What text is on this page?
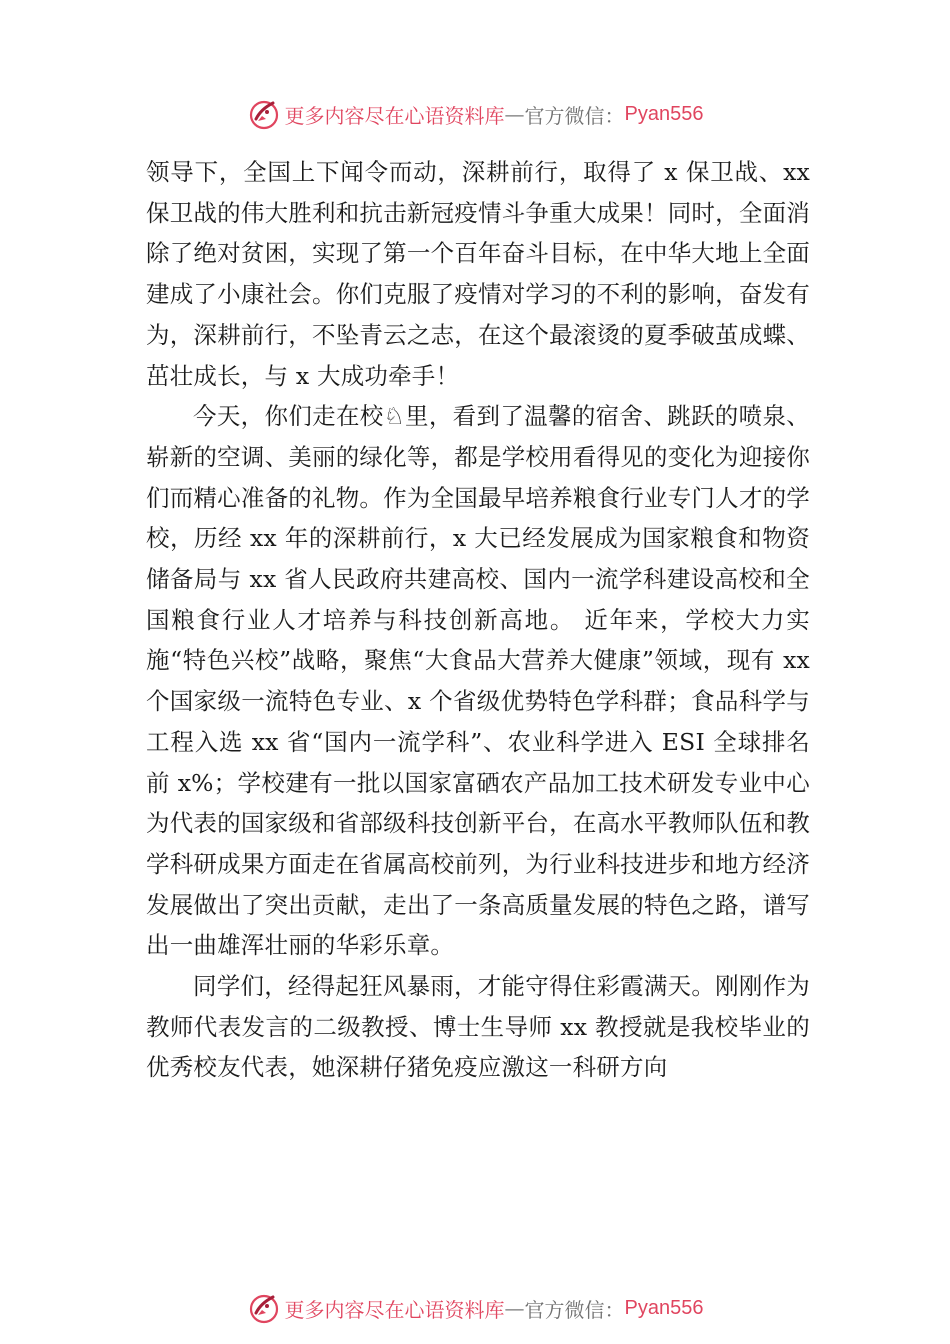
更多内容尽在心语资料库 — 官方微信： Pyan556

领导下，全国上下闻令而动，深耕前行，取得了 x 保卫战、xx 保卫战的伟大胜利和抗击新冠疫情斗争重大成果！同时，全面消除了绝对贫困，实现了第一个百年奋斗目标，在中华大地上全面建成了小康社会。你们克服了疫情对学习的不利的影响，奋发有为，深耕前行，不坠青云之志，在这个最滚烫的夏季破茧成蝶、茁壮成长，与 x 大成功牵手！

今天，你们走在校♘里，看到了温馨的宿舍、跳跃的喷泉、崭新的空调、美丽的绿化等，都是学校用看得见的变化为迎接你们而精心准备的礼物。作为全国最早培养粮食行业专门人才的学校，历经 xx 年的深耕前行，x 大已经发展成为国家粮食和物资储备局与 xx 省人民政府共建高校、国内一流学科建设高校和全国粮食行业人才培养与科技创新高地。 近年来，学校大力实施“特色兴校”战略，聚焦“大食品大营养大健康”领域，现有 xx 个国家级一流特色专业、x 个省级优势特色学科群；食品科学与工程入选 xx 省“国内一流学科”、农业科学进入 ESI 全球排名前 x%；学校建有一批以国家富硒农产品加工技术研发专业中心为代表的国家级和省部级科技创新平台，在高水平教师队伍和教学科研成果方面走在省属高校前列，为行业科技进步和地方经济发展做出了突出贡献，走出了一条高质量发展的特色之路，谱写出一曲雄浑壮丽的华彩乐章。

同学们，经得起狂风暴雨，才能守得住彩霞满天。刚刚作为教师代表发言的二级教授、博士生导师 xx 教授就是我校毕业的优秀校友代表，她深耕仔猪免疫应激这一科研方向

更多内容尽在心语资料库 — 官方微信： Pyan556
